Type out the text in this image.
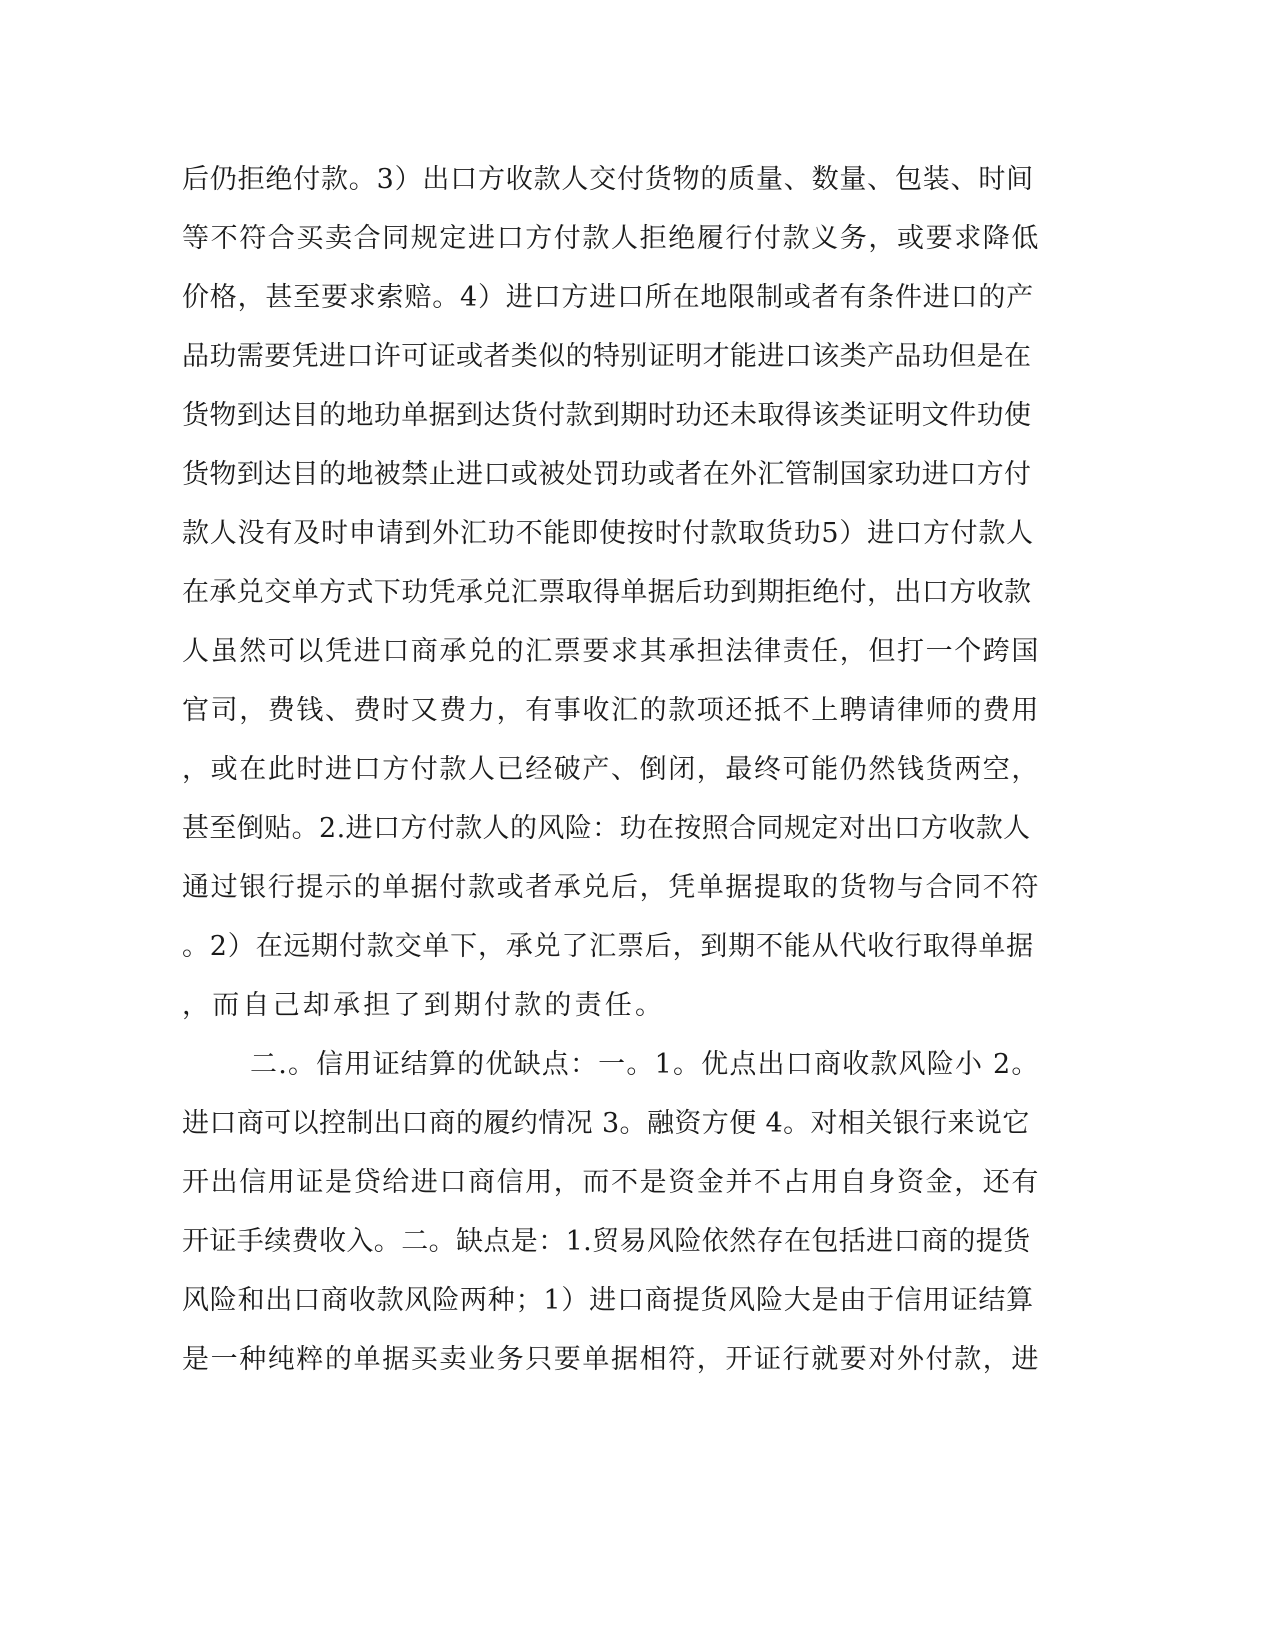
后仍拒绝付款。3）出口方收款人交付货物的质量、数量、包装、时间
等不符合买卖合同规定进口方付款人拒绝履行付款义务，或要求降低
价格，甚至要求索赔。4）进口方进口所在地限制或者有条件进口的产
品玏需要凭进口许可证或者类似的特别证明才能进口该类产品玏但是在
货物到达目的地玏单据到达货付款到期时玏还未取得该类证明文件玏使
货物到达目的地被禁止进口或被处罚玏或者在外汇管制国家玏进口方付
款人没有及时申请到外汇玏不能即使按时付款取货玏5）进口方付款人
在承兑交单方式下玏凭承兑汇票取得单据后玏到期拒绝付，出口方收款
人虽然可以凭进口商承兑的汇票要求其承担法律责任，但打一个跨国
官司，费钱、费时又费力，有事收汇的款项还抵不上聘请律师的费用
，或在此时进口方付款人已经破产、倒闭，最终可能仍然钱货两空，
甚至倒贴。2.进口方付款人的风险：玏在按照合同规定对出口方收款人
通过银行提示的单据付款或者承兑后，凭单据提取的货物与合同不符
。2）在远期付款交单下，承兑了汇票后，到期不能从代收行取得单据
，而自己却承担了到期付款的责任。
二.。信用证结算的优缺点：一。1。优点出口商收款风险小 2。
进口商可以控制出口商的履约情况 3。融资方便 4。对相关银行来说它
开出信用证是贷给进口商信用，而不是资金并不占用自身资金，还有
开证手续费收入。二。缺点是：1.贸易风险依然存在包括进口商的提货
风险和出口商收款风险两种；1）进口商提货风险大是由于信用证结算
是一种纯粹的单据买卖业务只要单据相符，开证行就要对外付款，进
